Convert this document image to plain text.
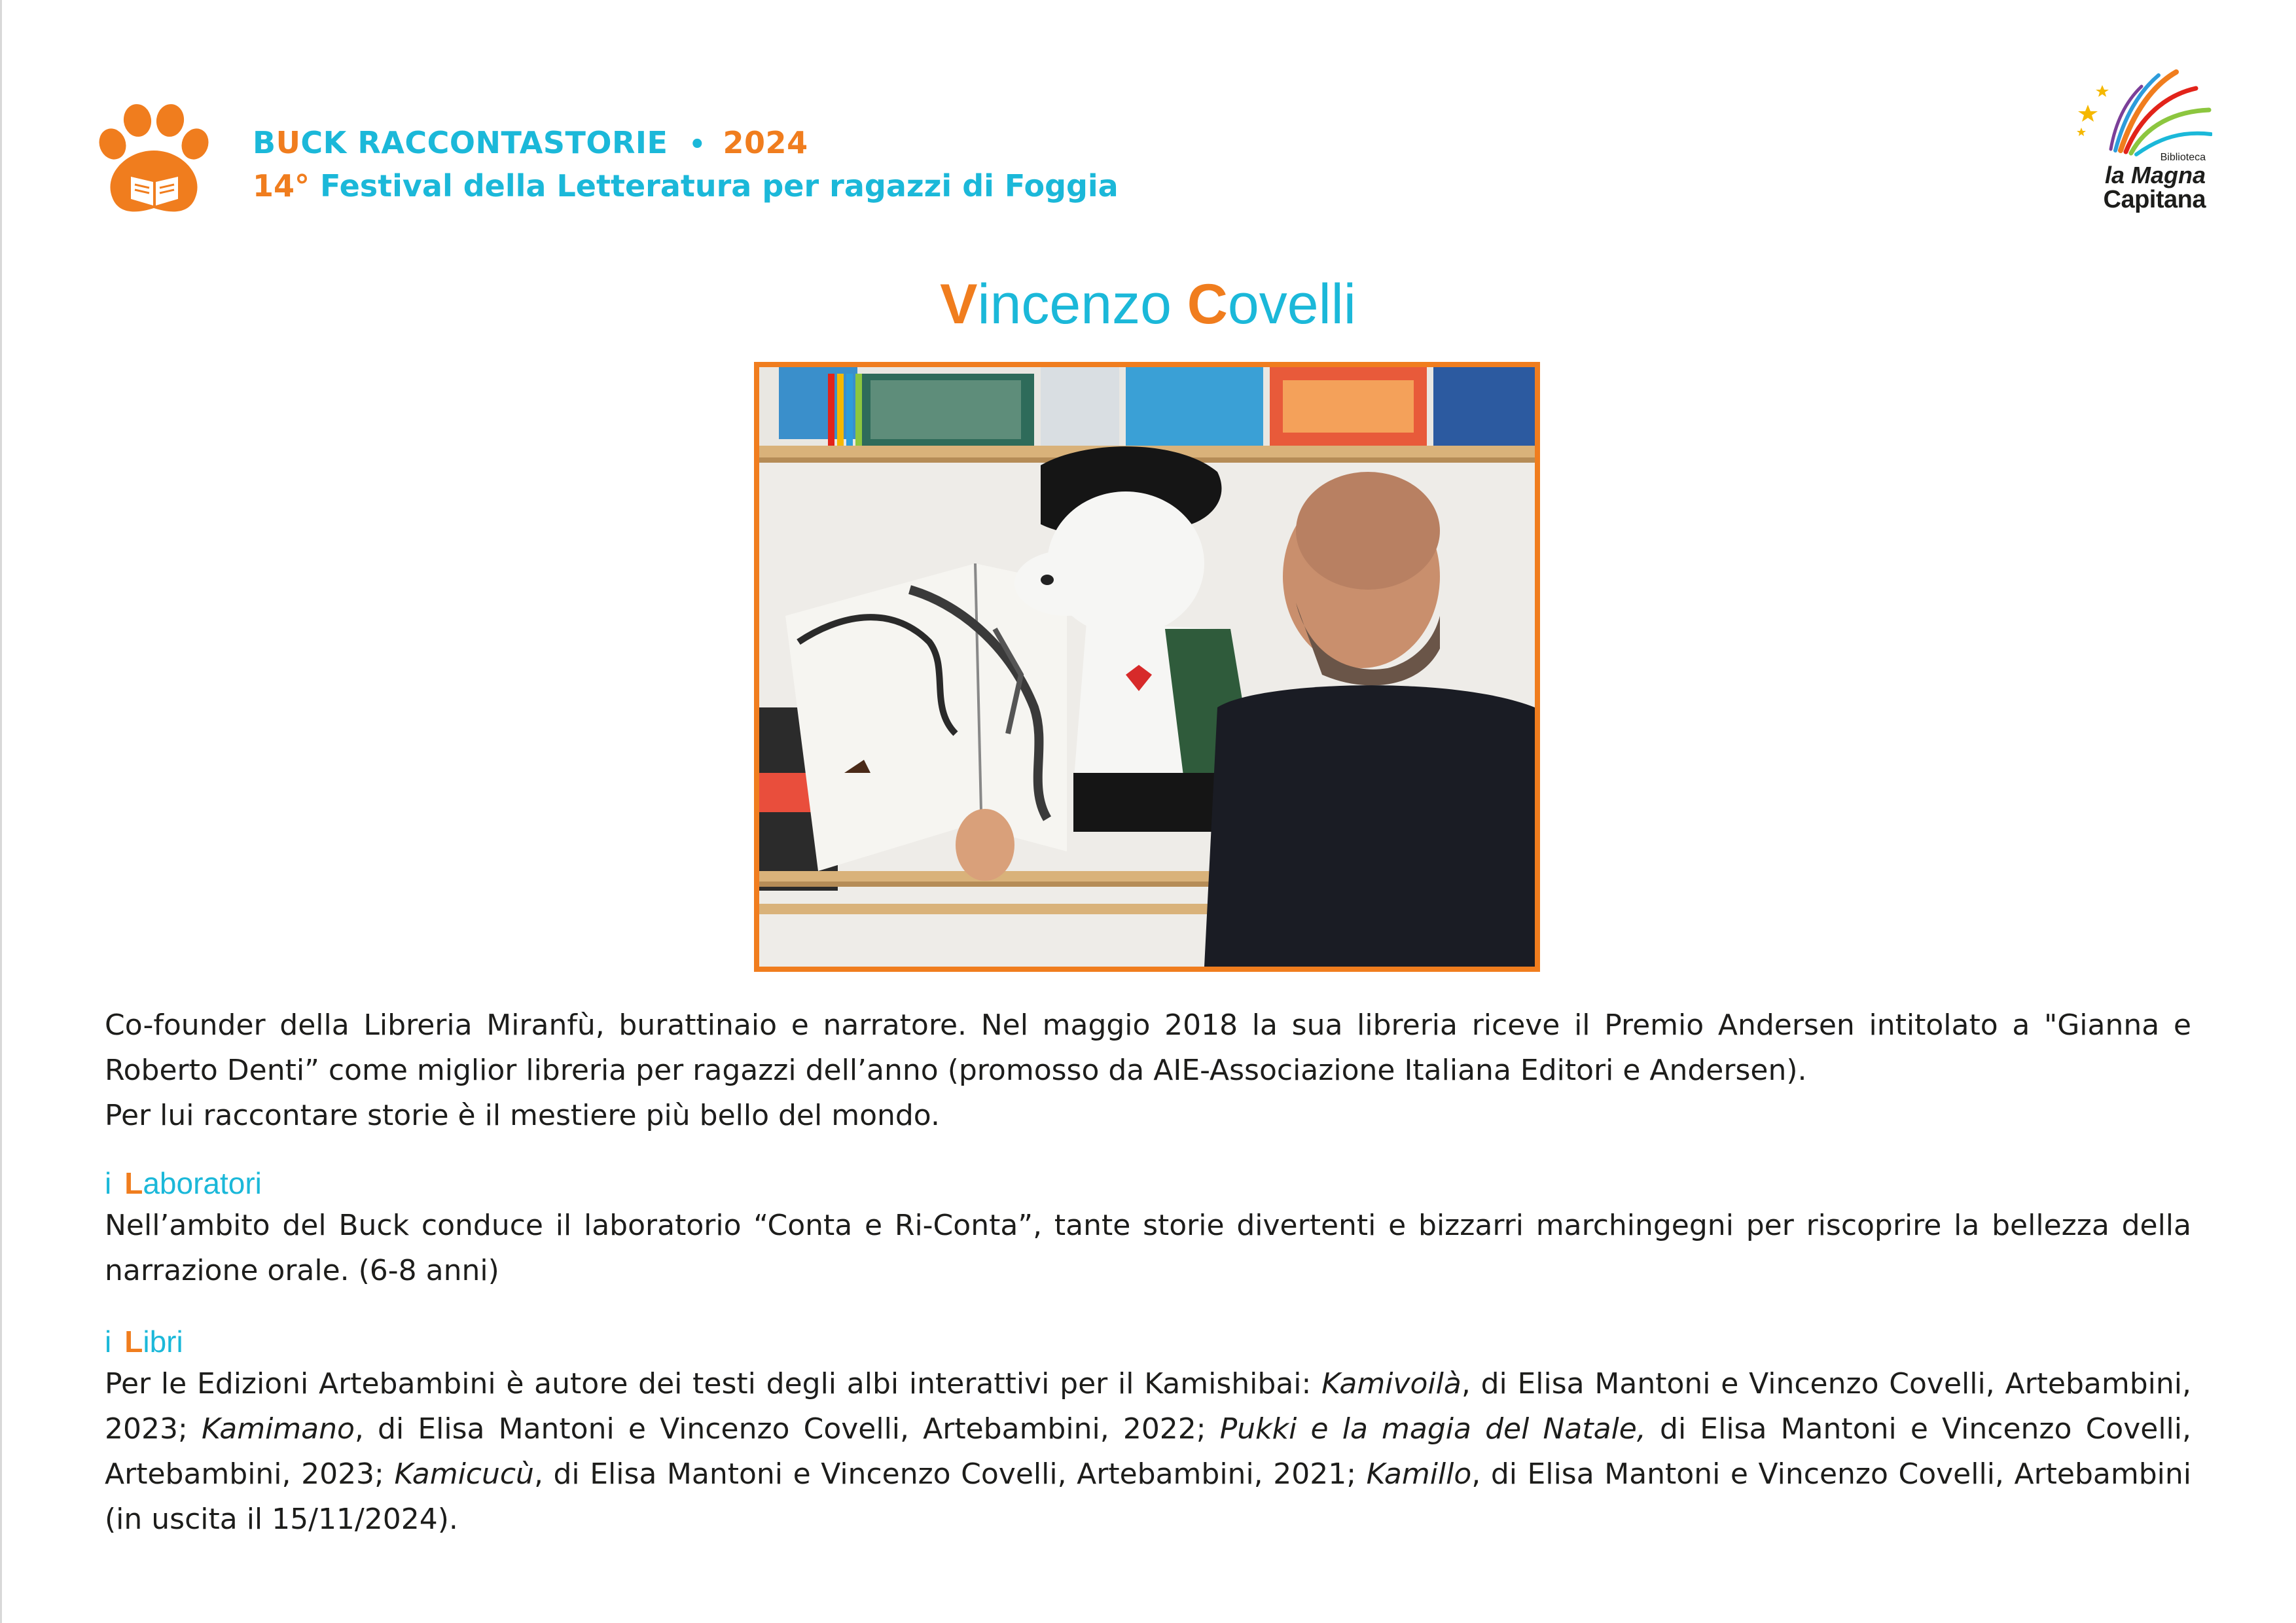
BUCK RACCONTASTORIE • 2024
14° Festival della Letteratura per ragazzi di Foggia
Biblioteca
la Magna
Capitana
Vincenzo Covelli

Co-founder della Libreria Miranfù, burattinaio e narratore. Nel maggio 2018 la sua libreria riceve il Premio Andersen intitolato a "Gianna e Roberto Denti” come miglior libreria per ragazzi dell’anno (promosso da AIE-Associazione Italiana Editori e Andersen).

Per lui raccontare storie è il mestiere più bello del mondo.

i Laboratori

Nell’ambito del Buck conduce il laboratorio “Conta e Ri-Conta”, tante storie divertenti e bizzarri marchingegni per riscoprire la bellezza della narrazione orale. (6-8 anni)

i Libri

Per le Edizioni Artebambini è autore dei testi degli albi interattivi per il Kamishibai: Kamivoilà, di Elisa Mantoni e Vincenzo Covelli, Artebambini, 2023; Kamimano, di Elisa Mantoni e Vincenzo Covelli, Artebambini, 2022; Pukki e la magia del Natale, di Elisa Mantoni e Vincenzo Covelli, Artebambini, 2023; Kamicucù, di Elisa Mantoni e Vincenzo Covelli, Artebambini, 2021; Kamillo, di Elisa Mantoni e Vincenzo Covelli, Artebambini (in uscita il 15/11/2024).
